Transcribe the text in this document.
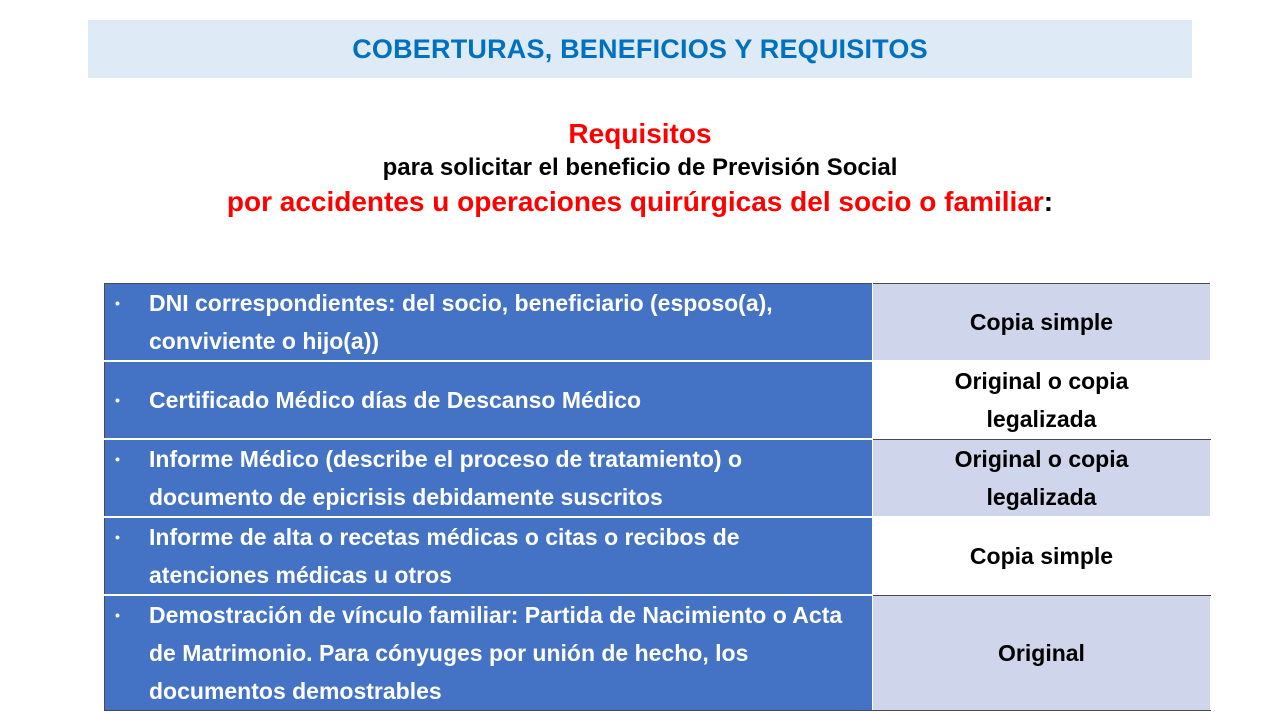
COBERTURAS, BENEFICIOS Y REQUISITOS
Requisitos
para solicitar el beneficio de Previsión Social
por accidentes u operaciones quirúrgicas del socio o familiar:
• DNI correspondientes: del socio, beneficiario (esposo(a), conviviente o hijo(a))	Copia simple

• Certificado Médico días de Descanso Médico	Original o copia legalizada

• Informe Médico (describe el proceso de tratamiento) o documento de epicrisis debidamente suscritos	Original o copia legalizada

• Informe de alta o recetas médicas o citas o recibos de atenciones médicas u otros	Copia simple

• Demostración de vínculo familiar: Partida de Nacimiento o Acta de Matrimonio. Para cónyuges por unión de hecho, los documentos demostrables	Original
